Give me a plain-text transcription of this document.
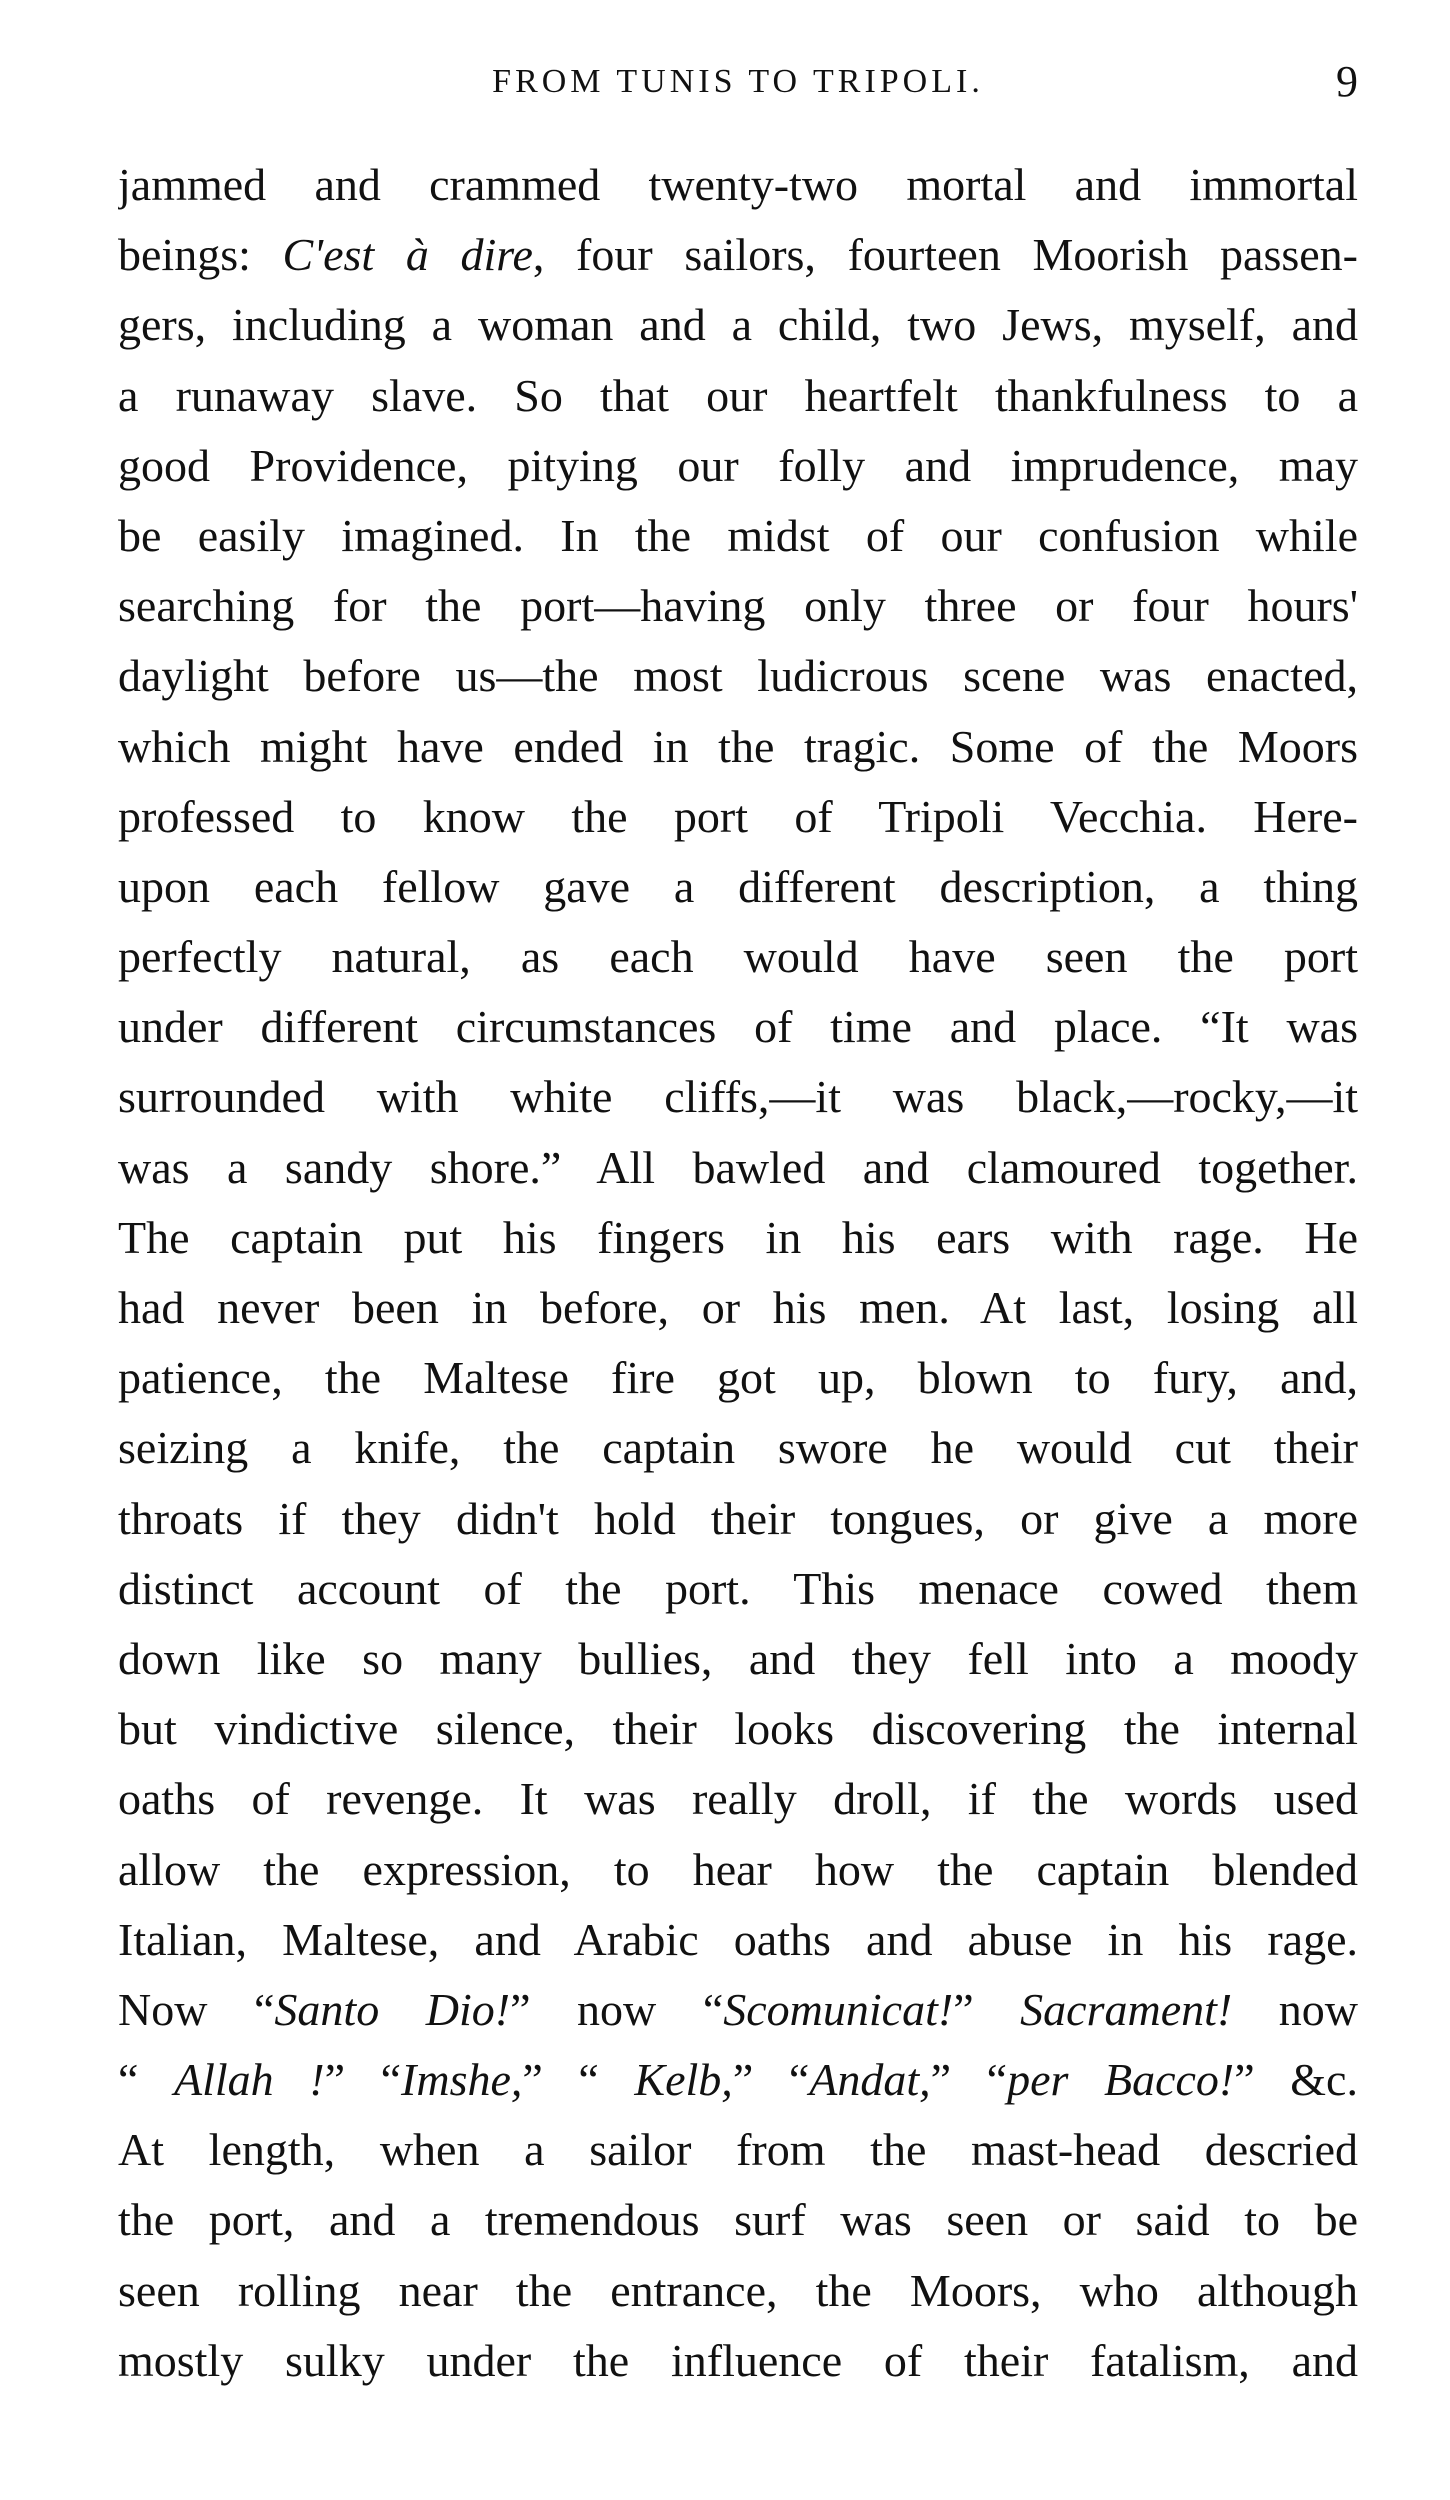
FROM TUNIS TO TRIPOLI.	9
jammed and crammed twenty-two mortal and immortal
beings: C'est à dire, four sailors, fourteen Moorish passen-
gers, including a woman and a child, two Jews, myself, and
a runaway slave. So that our heartfelt thankfulness to a
good Providence, pitying our folly and imprudence, may
be easily imagined. In the midst of our confusion while
searching for the port—having only three or four hours'
daylight before us—the most ludicrous scene was enacted,
which might have ended in the tragic. Some of the Moors
professed to know the port of Tripoli Vecchia. Here-
upon each fellow gave a different description, a thing
perfectly natural, as each would have seen the port
under different circumstances of time and place. “It was
surrounded with white cliffs,—it was black,—rocky,—it
was a sandy shore.” All bawled and clamoured together.
The captain put his fingers in his ears with rage. He
had never been in before, or his men. At last, losing all
patience, the Maltese fire got up, blown to fury, and,
seizing a knife, the captain swore he would cut their
throats if they didn't hold their tongues, or give a more
distinct account of the port. This menace cowed them
down like so many bullies, and they fell into a moody
but vindictive silence, their looks discovering the internal
oaths of revenge. It was really droll, if the words used
allow the expression, to hear how the captain blended
Italian, Maltese, and Arabic oaths and abuse in his rage.
Now “Santo Dio!” now “Scomunicat!” Sacrament! now
“ Allah !” “Imshe,” “ Kelb,” “Andat,” “per Bacco!” &c.
At length, when a sailor from the mast-head descried
the port, and a tremendous surf was seen or said to be
seen rolling near the entrance, the Moors, who although
mostly sulky under the influence of their fatalism, and
